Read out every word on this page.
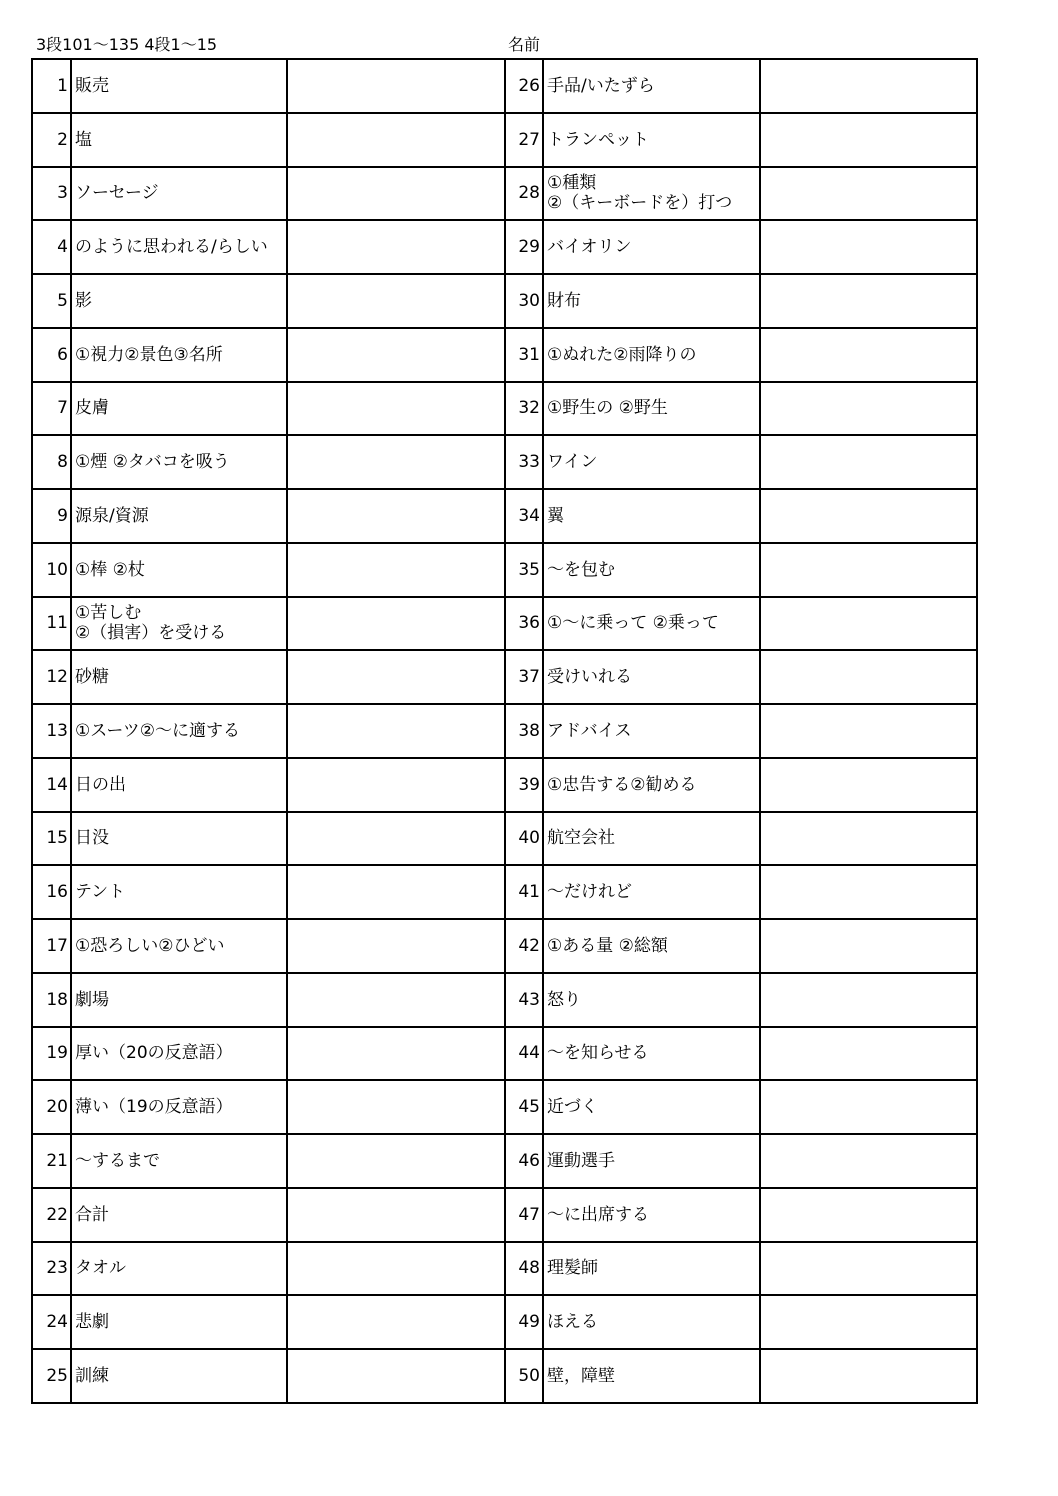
3段101～135 4段1～15	名前
1	販売		26	手品/いたずら	
2	塩		27	トランペット	
3	ソーセージ		28	①種類
②（キーボードを）打つ	
4	のように思われる/らしい		29	バイオリン	
5	影		30	財布	
6	①視力②景色③名所		31	①ぬれた②雨降りの	
7	皮膚		32	①野生の ②野生	
8	①煙 ②タバコを吸う		33	ワイン	
9	源泉/資源		34	翼	
10	①棒 ②杖		35	～を包む	
11	①苦しむ
②（損害）を受ける		36	①～に乗って ②乗って	
12	砂糖		37	受けいれる	
13	①スーツ②～に適する		38	アドバイス	
14	日の出		39	①忠告する②勧める	
15	日没		40	航空会社	
16	テント		41	～だけれど	
17	①恐ろしい②ひどい		42	①ある量 ②総額	
18	劇場		43	怒り	
19	厚い（20の反意語）		44	～を知らせる	
20	薄い（19の反意語）		45	近づく	
21	～するまで		46	運動選手	
22	合計		47	～に出席する	
23	タオル		48	理髪師	
24	悲劇		49	ほえる	
25	訓練		50	壁，障壁	
